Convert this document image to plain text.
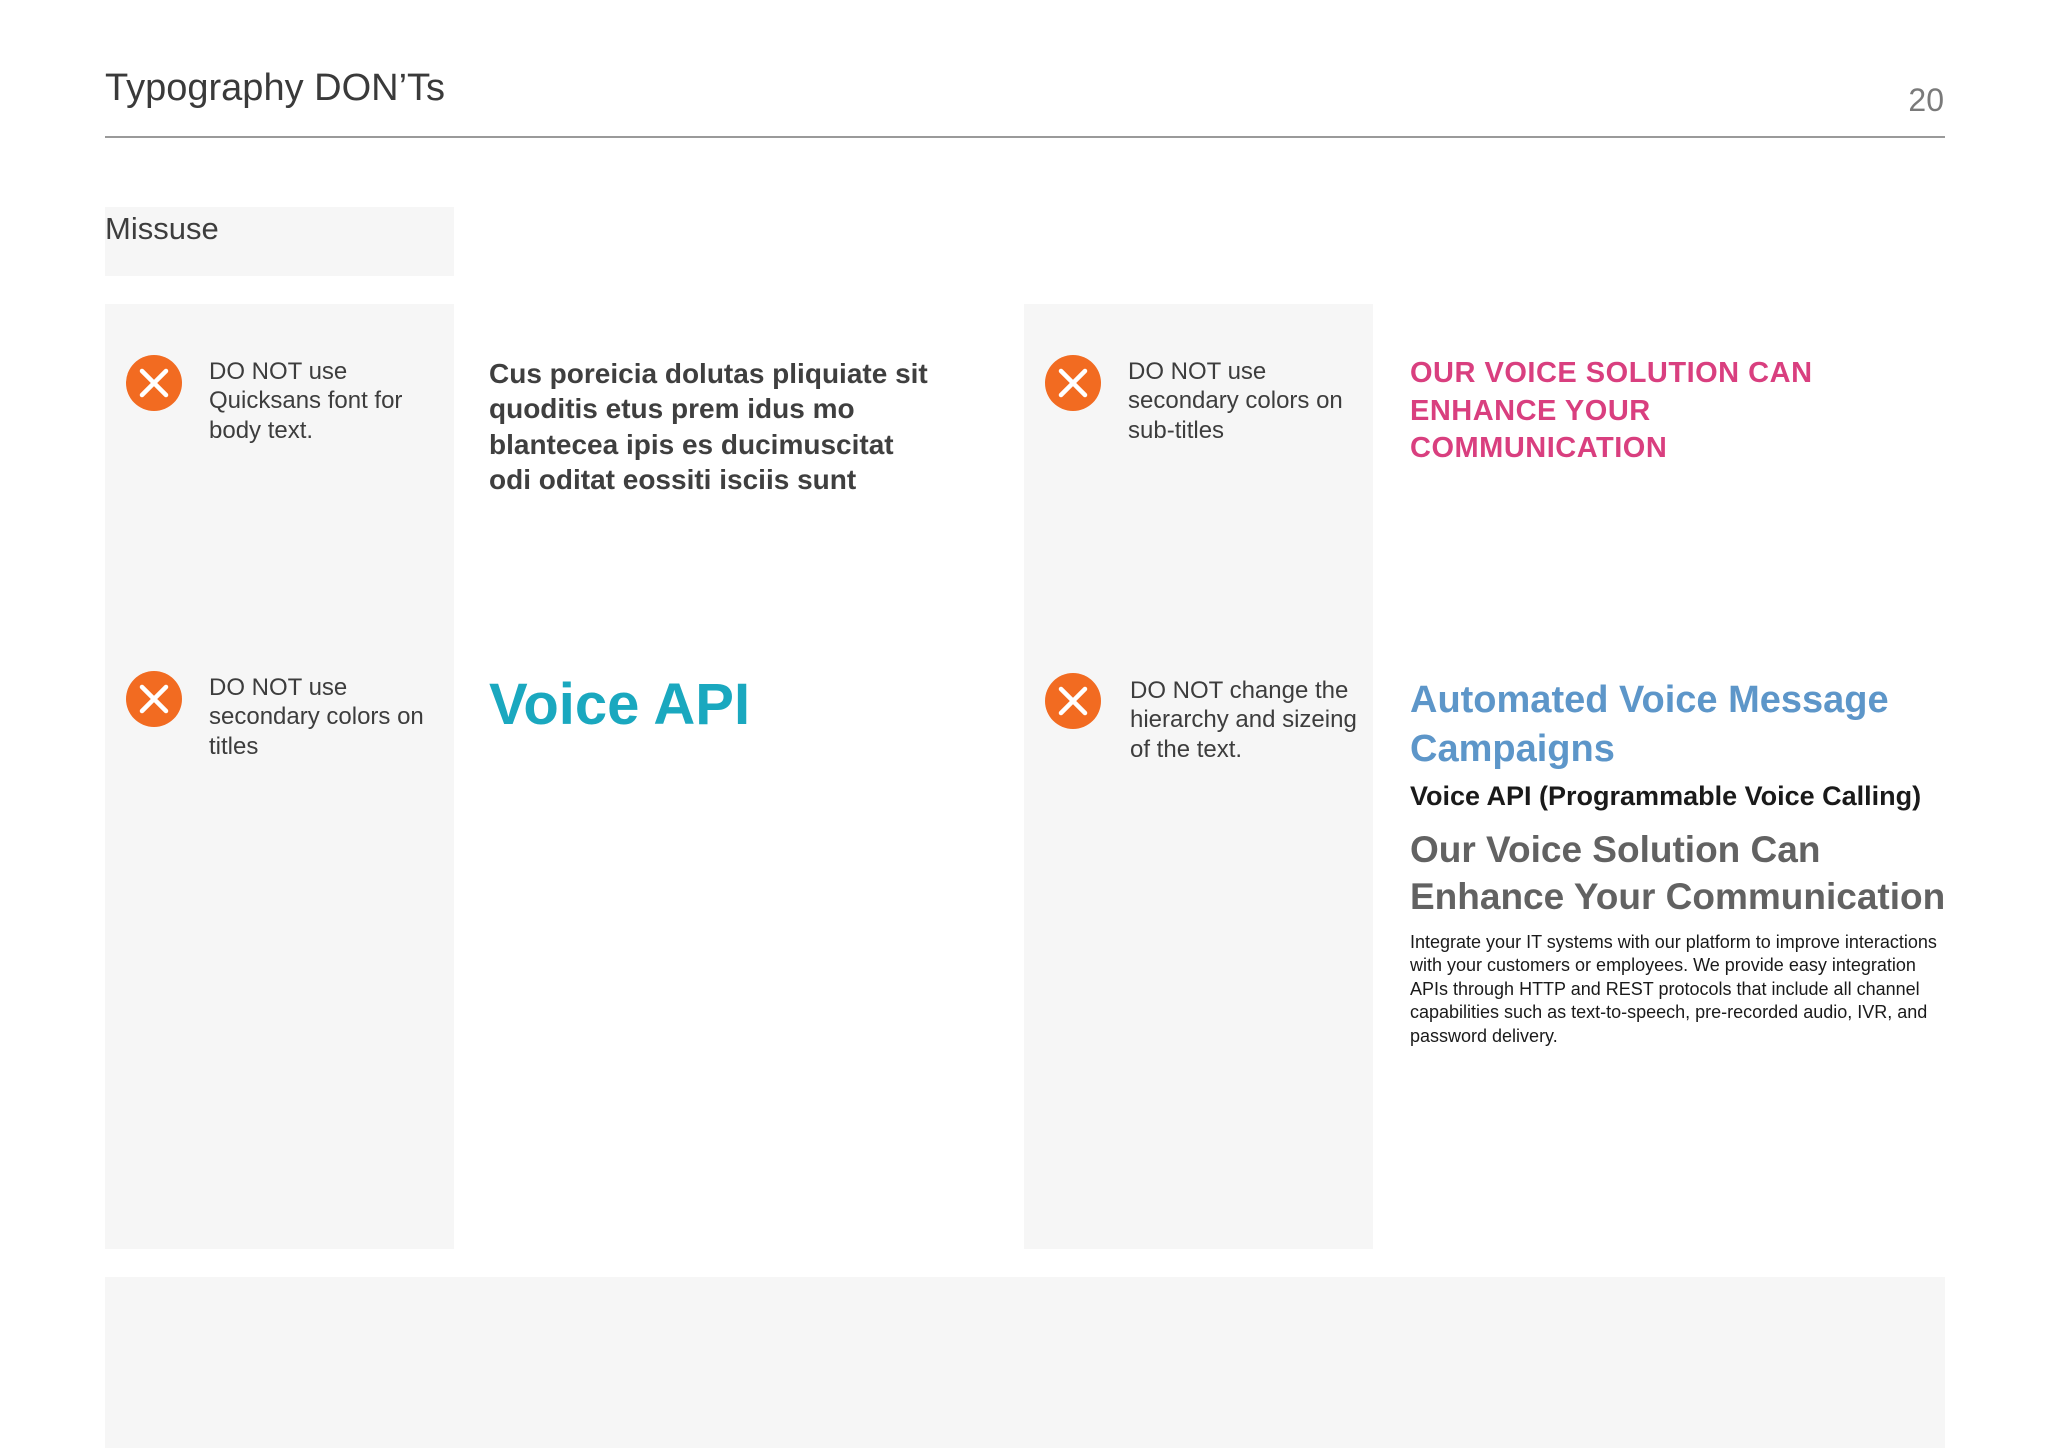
Typography DON’Ts	20
Missuse
DO NOT use Quicksans font for body text.
DO NOT use secondary colors on titles
DO NOT use secondary colors on sub-titles
DO NOT change the hierarchy and sizeing of the text.
Cus poreicia dolutas pliquiate sit quoditis etus prem idus mo blantecea ipis es ducimuscitat odi oditat eossiti isciis sunt
OUR VOICE SOLUTION CAN ENHANCE YOUR COMMUNICATION
Voice API	Automated Voice Message Campaigns
Voice API (Programmable Voice Calling)
Our Voice Solution Can Enhance Your Communication
Integrate your IT systems with our platform to improve interactions with your customers or employees. We provide easy integration APIs through HTTP and REST protocols that include all channel capabilities such as text-to-speech, pre-recorded audio, IVR, and password delivery.
